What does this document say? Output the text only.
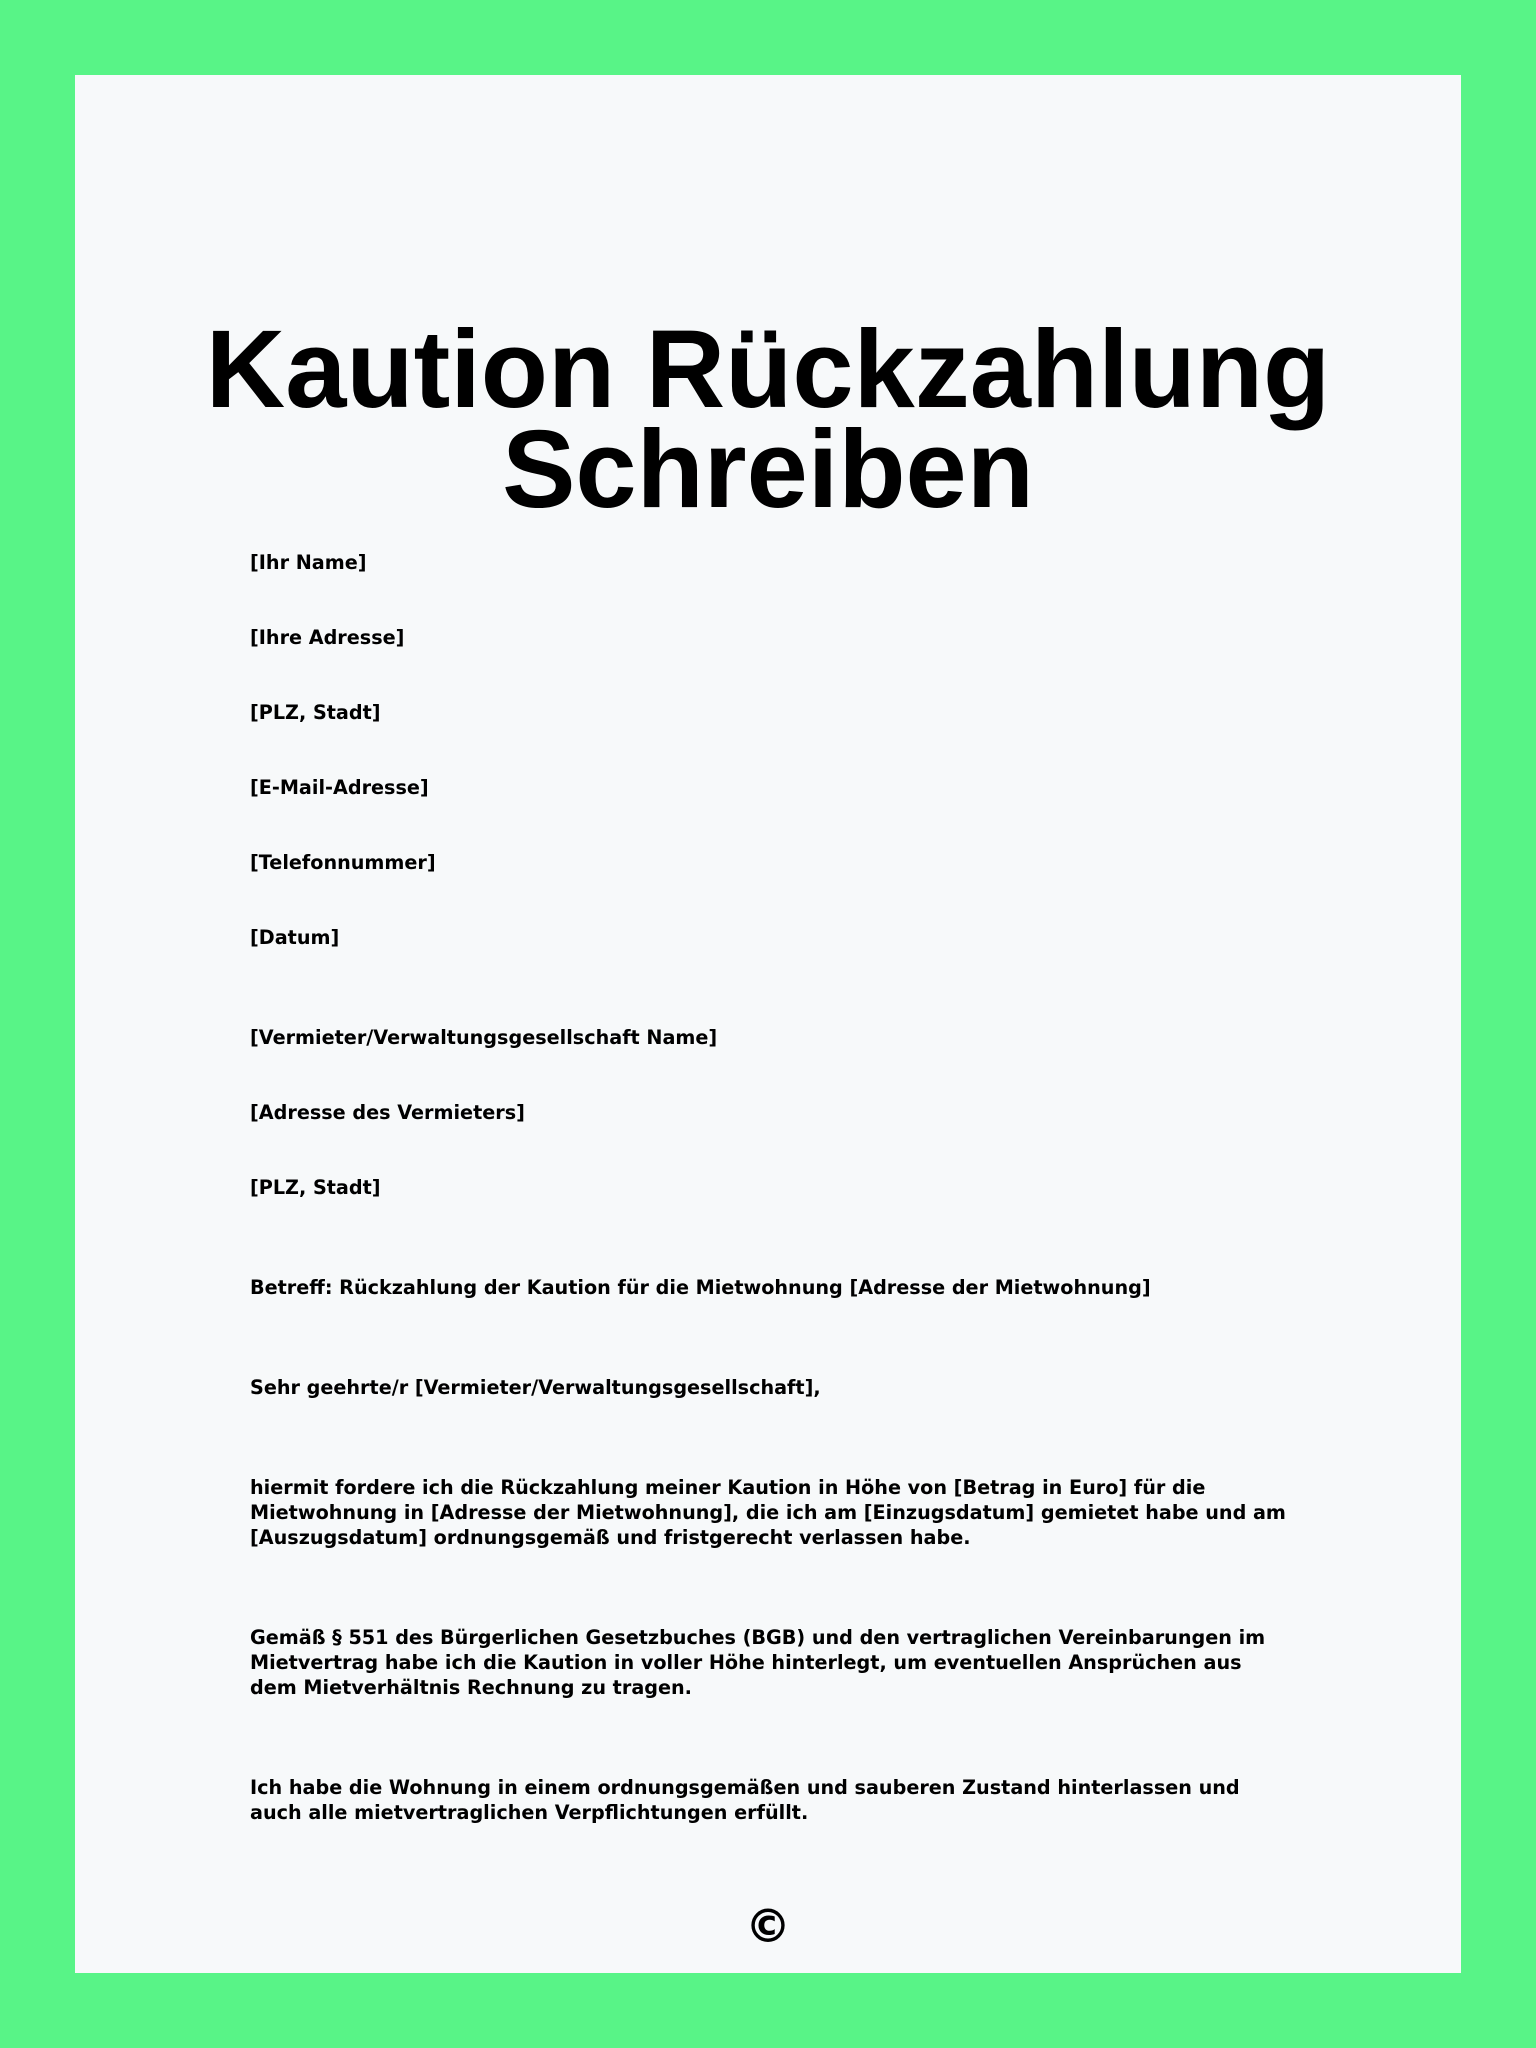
Kaution Rückzahlung
Schreiben
[Ihr Name]
[Ihre Adresse]
[PLZ, Stadt]
[E-Mail-Adresse]
[Telefonnummer]
[Datum]
[Vermieter/Verwaltungsgesellschaft Name]
[Adresse des Vermieters]
[PLZ, Stadt]
Betreff: Rückzahlung der Kaution für die Mietwohnung [Adresse der Mietwohnung]
Sehr geehrte/r [Vermieter/Verwaltungsgesellschaft],
hiermit fordere ich die Rückzahlung meiner Kaution in Höhe von [Betrag in Euro] für die Mietwohnung in [Adresse der Mietwohnung], die ich am [Einzugsdatum] gemietet habe und am [Auszugsdatum] ordnungsgemäß und fristgerecht verlassen habe.
Gemäß § 551 des Bürgerlichen Gesetzbuches (BGB) und den vertraglichen Vereinbarungen im Mietvertrag habe ich die Kaution in voller Höhe hinterlegt, um eventuellen Ansprüchen aus dem Mietverhältnis Rechnung zu tragen.
Ich habe die Wohnung in einem ordnungsgemäßen und sauberen Zustand hinterlassen und auch alle mietvertraglichen Verpflichtungen erfüllt.
©
